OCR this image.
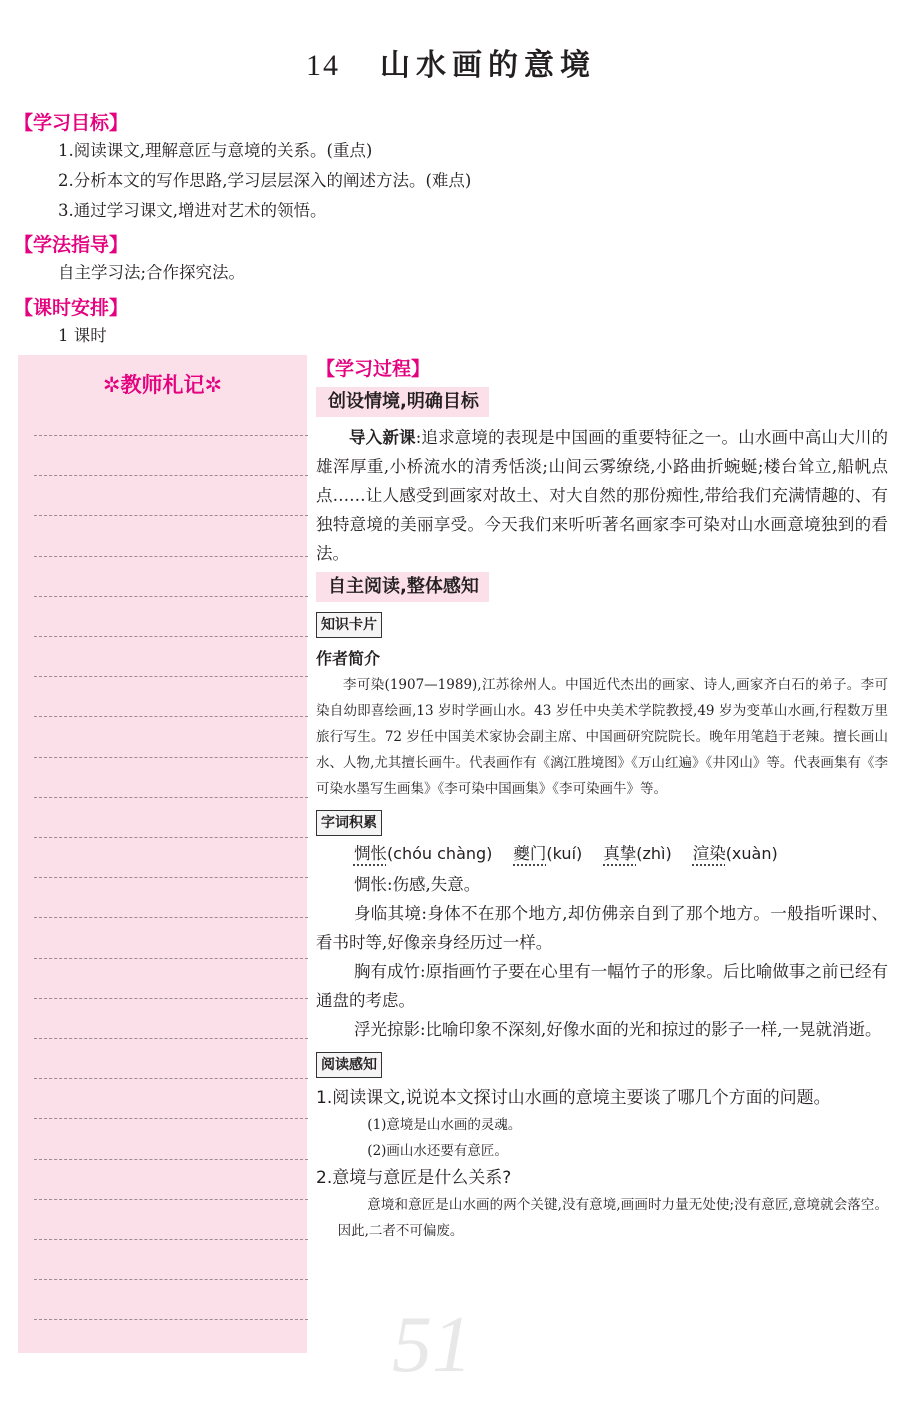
14 山水画的意境
【学习目标】
1.阅读课文,理解意匠与意境的关系。(重点)
2.分析本文的写作思路,学习层层深入的阐述方法。(难点)
3.通过学习课文,增进对艺术的领悟。
【学法指导】
自主学习法;合作探究法。
【课时安排】
1 课时
✲教师札记✲
51
【学习过程】
创设情境,明确目标

导入新课:追求意境的表现是中国画的重要特征之一。山水画中高山大川的雄浑厚重,小桥流水的清秀恬淡;山间云雾缭绕,小路曲折蜿蜒;楼台耸立,船帆点点……让人感受到画家对故土、对大自然的那份痴性,带给我们充满情趣的、有独特意境的美丽享受。今天我们来听听著名画家李可染对山水画意境独到的看法。

自主阅读,整体感知
知识卡片
作者简介

李可染(1907—1989),江苏徐州人。中国近代杰出的画家、诗人,画家齐白石的弟子。李可染自幼即喜绘画,13 岁时学画山水。43 岁任中央美术学院教授,49 岁为变革山水画,行程数万里旅行写生。72 岁任中国美术家协会副主席、中国画研究院院长。晚年用笔趋于老辣。擅长画山水、人物,尤其擅长画牛。代表画作有《漓江胜境图》《万山红遍》《井冈山》等。代表画集有《李可染水墨写生画集》《李可染中国画集》《李可染画牛》等。

字词积累
惆怅(chóu chàng) 夔门(kuí) 真挚(zhì) 渲染(xuàn)

惆怅:伤感,失意。

身临其境:身体不在那个地方,却仿佛亲自到了那个地方。一般指听课时、看书时等,好像亲身经历过一样。

胸有成竹:原指画竹子要在心里有一幅竹子的形象。后比喻做事之前已经有通盘的考虑。

浮光掠影:比喻印象不深刻,好像水面的光和掠过的影子一样,一晃就消逝。

阅读感知

1.阅读课文,说说本文探讨山水画的意境主要谈了哪几个方面的问题。

(1)意境是山水画的灵魂。

(2)画山水还要有意匠。

2.意境与意匠是什么关系?

意境和意匠是山水画的两个关键,没有意境,画画时力量无处使;没有意匠,意境就会落空。因此,二者不可偏废。
